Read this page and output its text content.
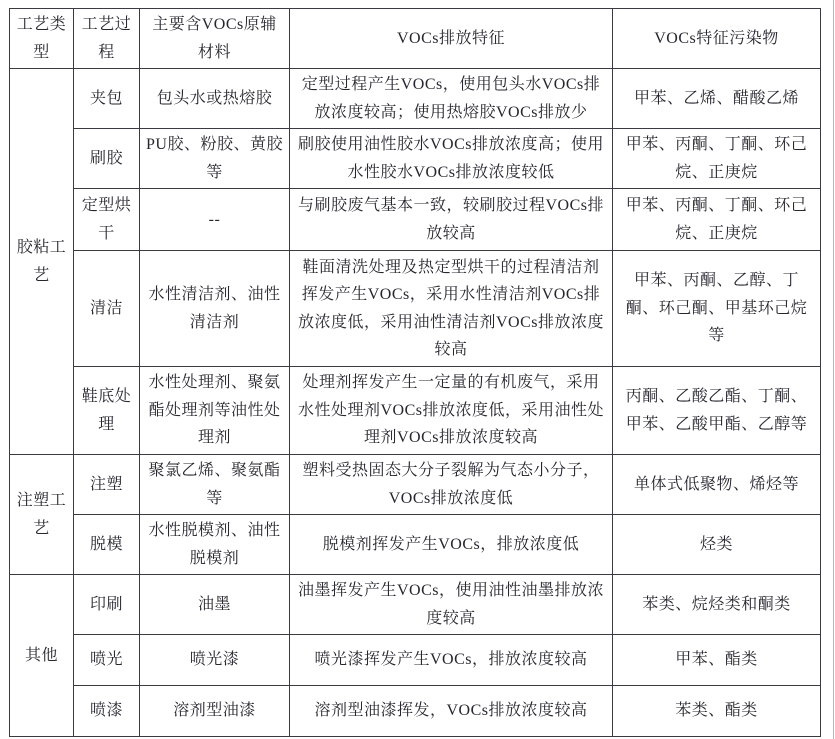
工艺类型	工艺过程	主要含VOCs原辅材料	VOCs排放特征	VOCs特征污染物
胶粘工艺	夹包	包头水或热熔胶	定型过程产生VOCs，使用包头水VOCs排放浓度较高；使用热熔胶VOCs排放少	甲苯、乙烯、醋酸乙烯
	刷胶	PU胶、粉胶、黄胶等	刷胶使用油性胶水VOCs排放浓度高；使用水性胶水VOCs排放浓度较低	甲苯、丙酮、丁酮、环己烷、正庚烷
	定型烘干	--	与刷胶废气基本一致，较刷胶过程VOCs排放较高	甲苯、丙酮、丁酮、环己烷、正庚烷
	清洁	水性清洁剂、油性清洁剂	鞋面清洗处理及热定型烘干的过程清洁剂挥发产生VOCs，采用水性清洁剂VOCs排放浓度低，采用油性清洁剂VOCs排放浓度较高	甲苯、丙酮、乙醇、丁酮、环己酮、甲基环己烷等
	鞋底处理	水性处理剂、聚氨酯处理剂等油性处理剂	处理剂挥发产生一定量的有机废气，采用水性处理剂VOCs排放浓度低，采用油性处理剂VOCs排放浓度较高	丙酮、乙酸乙酯、丁酮、甲苯、乙酸甲酯、乙醇等
注塑工艺	注塑	聚氯乙烯、聚氨酯等	塑料受热固态大分子裂解为气态小分子，VOCs排放浓度低	单体式低聚物、烯烃等
	脱模	水性脱模剂、油性脱模剂	脱模剂挥发产生VOCs，排放浓度低	烃类
其他	印刷	油墨	油墨挥发产生VOCs，使用油性油墨排放浓度较高	苯类、烷烃类和酮类
	喷光	喷光漆	喷光漆挥发产生VOCs，排放浓度较高	甲苯、酯类
	喷漆	溶剂型油漆	溶剂型油漆挥发，VOCs排放浓度较高	苯类、酯类
